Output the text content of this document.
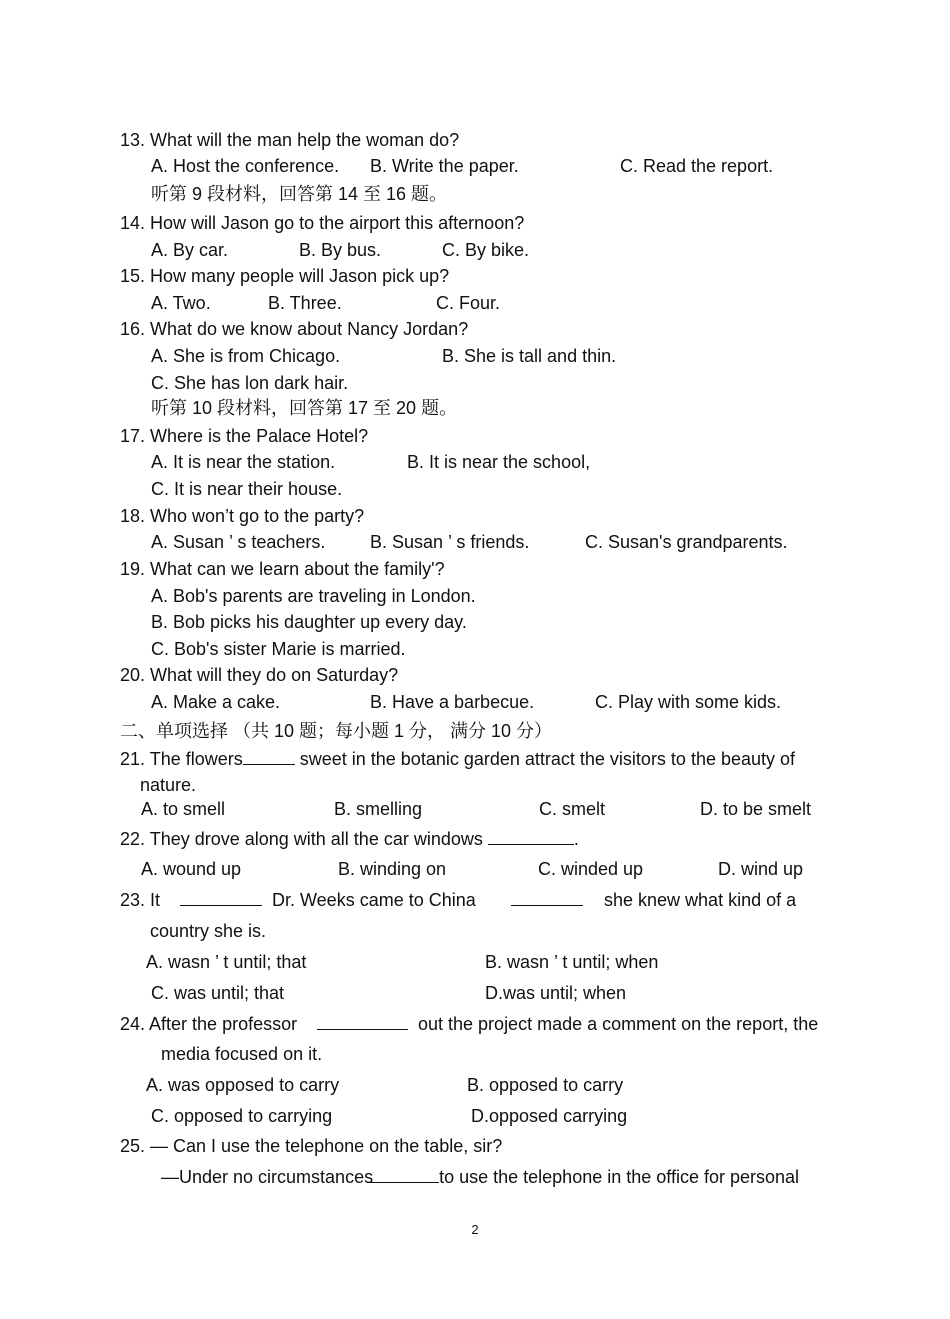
13. What will the man help the woman do?
A. Host the conference. B. Write the paper.	C. Read the report.
听第 9 段材料，回答第 14 至 16 题。
14. How will Jason go to the airport this afternoon?
A. By car.	B. By bus.	C. By bike.
15. How many people will Jason pick up?
A. Two.	B. Three.	C. Four.
16. What do we know about Nancy Jordan?
A. She is from Chicago.	B. She is tall and thin.
C. She has lon dark hair.
听第 10 段材料，回答第 17 至 20 题。
17. Where is the Palace Hotel?
A. It is near the station.	B. It is near the school,
C. It is near their house.
18. Who won’t go to the party?
A. Susan ’ s teachers. B. Susan ’ s friends.	C. Susan's grandparents.
19. What can we learn about the family'?
A. Bob's parents are traveling in London.
B. Bob picks his daughter up every day.
C. Bob's sister Marie is married.
20. What will they do on Saturday?
A. Make a cake.	B. Have a barbecue.	C. Play with some kids.
二、单项选择 （共 10 题；每小题 1 分， 满分 10 分）
21. The flowers	sweet in the botanic garden attract the visitors to the beauty of
nature.
A. to smell	B. smelling	C. smelt	D. to be smelt
22. They drove along with all the car windows	.
A. wound up	B. winding on	C. winded up	D. wind up
23. It	Dr. Weeks came to China	she knew what kind of a
country she is.
A. wasn ’ t until; that	B. wasn ’ t until; when
C. was until; that	D.was until; when
24. After the professor	out the project made a comment on the report, the
media focused on it.
A. was opposed to carry	B. opposed to carry
C. opposed to carrying	D.opposed carrying
25. — Can I use the telephone on the table, sir?
—Under no circumstances	to use the telephone in the office for personal
2
